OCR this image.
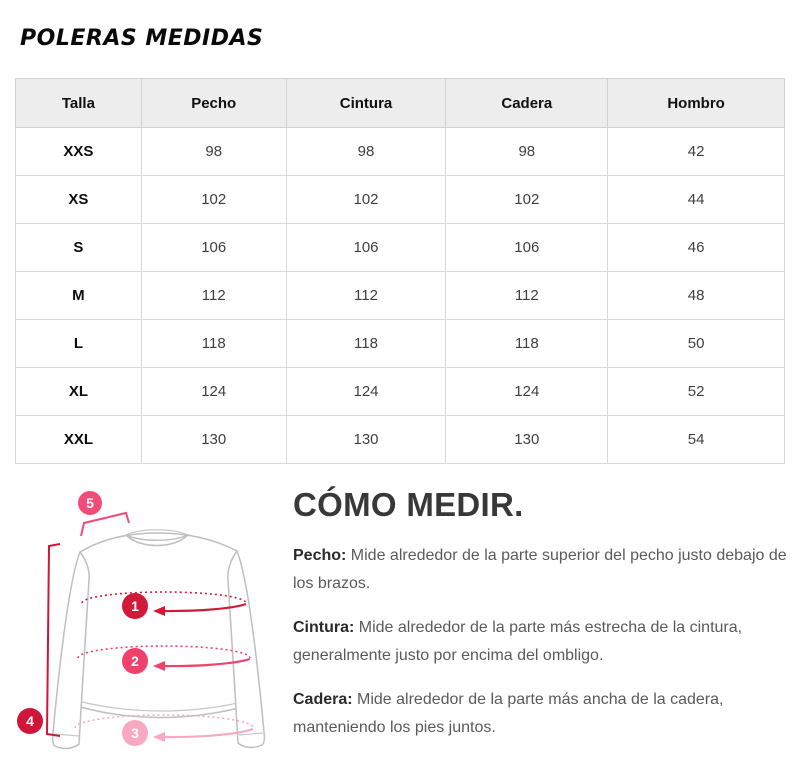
POLERAS MEDIDAS
Talla	Pecho	Cintura	Cadera	Hombro
XXS	98	98	98	42
XS	102	102	102	44
S	106	106	106	46
M	112	112	112	48
L	118	118	118	50
XL	124	124	124	52
XXL	130	130	130	54
1
2
3
4
5	CÓMO MEDIR.

Pecho: Mide alrededor de la parte superior del pecho justo debajo de los brazos.

Cintura: Mide alrededor de la parte más estrecha de la cintura, generalmente justo por encima del ombligo.

Cadera: Mide alrededor de la parte más ancha de la cadera, manteniendo los pies juntos.
